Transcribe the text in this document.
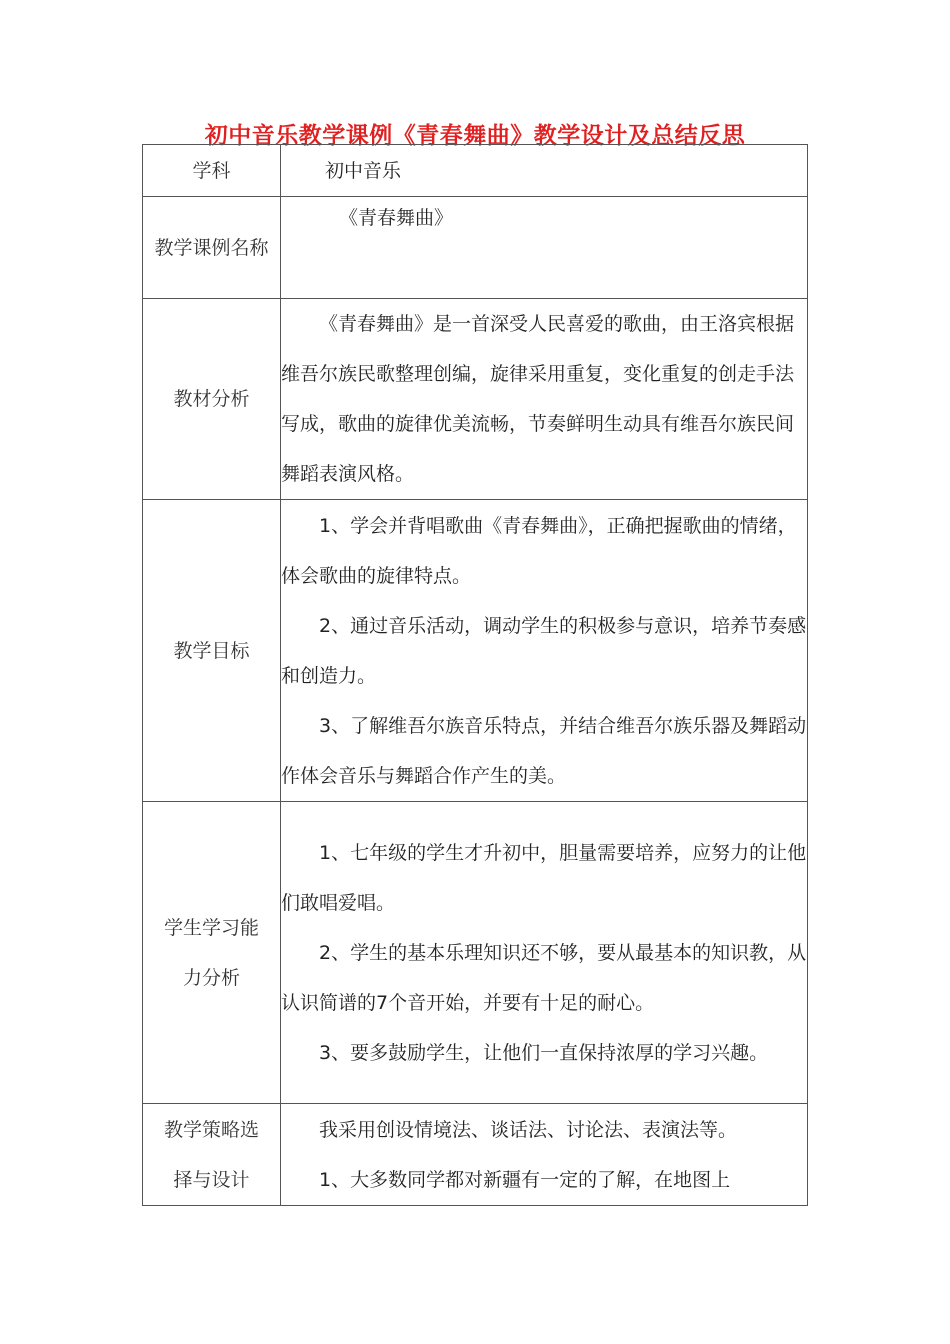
初中音乐教学课例《青春舞曲》教学设计及总结反思
学科	初中音乐

教学课例名称	《青春舞曲》

教材分析	《青春舞曲》是一首深受人民喜爱的歌曲，由王洛宾根据维吾尔族民歌整理创编，旋律采用重复，变化重复的创走手法写成，歌曲的旋律优美流畅，节奏鲜明生动具有维吾尔族民间舞蹈表演风格。

教学目标	1、学会并背唱歌曲《青春舞曲》，正确把握歌曲的情绪，体会歌曲的旋律特点。

2、通过音乐活动，调动学生的积极参与意识，培养节奏感和创造力。

3、了解维吾尔族音乐特点，并结合维吾尔族乐器及舞蹈动作体会音乐与舞蹈合作产生的美。

学生学习能力分析	1、七年级的学生才升初中，胆量需要培养，应努力的让他们敢唱爱唱。

2、学生的基本乐理知识还不够，要从最基本的知识教，从认识简谱的7个音开始，并要有十足的耐心。

3、要多鼓励学生，让他们一直保持浓厚的学习兴趣。

教学策略选择与设计	我采用创设情境法、谈话法、讨论法、表演法等。

1、大多数同学都对新疆有一定的了解，在地图上
